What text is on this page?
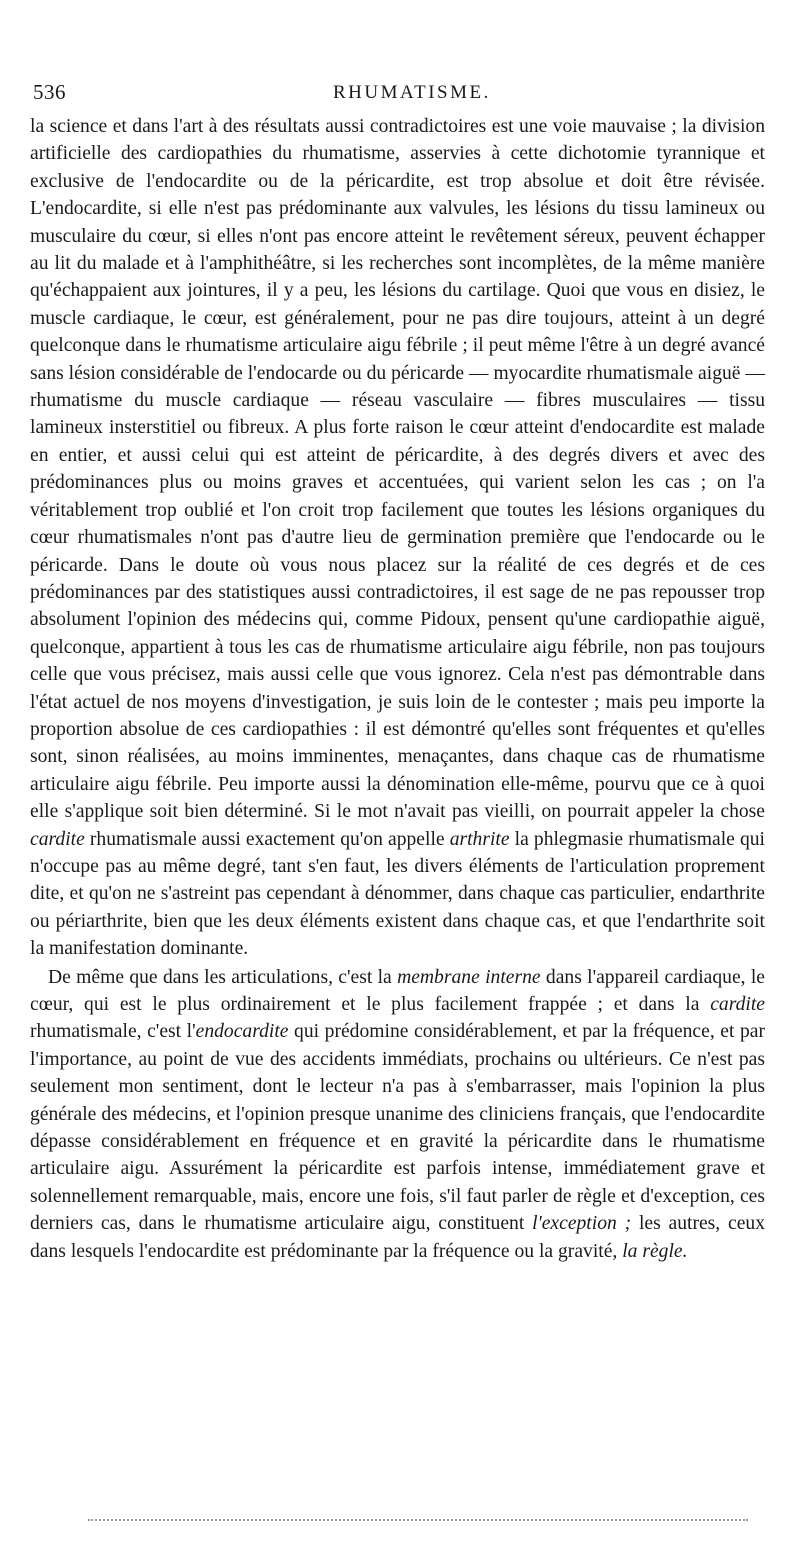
536	RHUMATISME.

la science et dans l'art à des résultats aussi contradictoires est une voie mauvaise ; la division artificielle des cardiopathies du rhumatisme, asservies à cette dichotomie tyrannique et exclusive de l'endocardite ou de la péricardite, est trop absolue et doit être révisée. L'endocardite, si elle n'est pas prédominante aux valvules, les lésions du tissu lamineux ou musculaire du cœur, si elles n'ont pas encore atteint le revêtement séreux, peuvent échapper au lit du malade et à l'amphithéâtre, si les recherches sont incomplètes, de la même manière qu'échappaient aux jointures, il y a peu, les lésions du cartilage. Quoi que vous en disiez, le muscle cardiaque, le cœur, est généralement, pour ne pas dire toujours, atteint à un degré quelconque dans le rhumatisme articulaire aigu fébrile ; il peut même l'être à un degré avancé sans lésion considérable de l'endocarde ou du péricarde — myocardite rhumatismale aiguë — rhumatisme du muscle cardiaque — réseau vasculaire — fibres musculaires — tissu lamineux insterstitiel ou fibreux. A plus forte raison le cœur atteint d'endocardite est malade en entier, et aussi celui qui est atteint de péricardite, à des degrés divers et avec des prédominances plus ou moins graves et accentuées, qui varient selon les cas ; on l'a véritablement trop oublié et l'on croit trop facilement que toutes les lésions organiques du cœur rhumatismales n'ont pas d'autre lieu de germination première que l'endocarde ou le péricarde. Dans le doute où vous nous placez sur la réalité de ces degrés et de ces prédominances par des statistiques aussi contradictoires, il est sage de ne pas repousser trop absolument l'opinion des médecins qui, comme Pidoux, pensent qu'une cardiopathie aiguë, quelconque, appartient à tous les cas de rhumatisme articulaire aigu fébrile, non pas toujours celle que vous précisez, mais aussi celle que vous ignorez. Cela n'est pas démontrable dans l'état actuel de nos moyens d'investigation, je suis loin de le contester ; mais peu importe la proportion absolue de ces cardiopathies : il est démontré qu'elles sont fréquentes et qu'elles sont, sinon réalisées, au moins imminentes, menaçantes, dans chaque cas de rhumatisme articulaire aigu fébrile. Peu importe aussi la dénomination elle-même, pourvu que ce à quoi elle s'applique soit bien déterminé. Si le mot n'avait pas vieilli, on pourrait appeler la chose cardite rhumatismale aussi exactement qu'on appelle arthrite la phlegmasie rhumatismale qui n'occupe pas au même degré, tant s'en faut, les divers éléments de l'articulation proprement dite, et qu'on ne s'astreint pas cependant à dénommer, dans chaque cas particulier, endarthrite ou périarthrite, bien que les deux éléments existent dans chaque cas, et que l'endarthrite soit la manifestation dominante.

De même que dans les articulations, c'est la membrane interne dans l'appareil cardiaque, le cœur, qui est le plus ordinairement et le plus facilement frappée ; et dans la cardite rhumatismale, c'est l'endocardite qui prédomine considérablement, et par la fréquence, et par l'importance, au point de vue des accidents immédiats, prochains ou ultérieurs. Ce n'est pas seulement mon sentiment, dont le lecteur n'a pas à s'embarrasser, mais l'opinion la plus générale des médecins, et l'opinion presque unanime des cliniciens français, que l'endocardite dépasse considérablement en fréquence et en gravité la péricardite dans le rhumatisme articulaire aigu. Assurément la péricardite est parfois intense, immédiatement grave et solennellement remarquable, mais, encore une fois, s'il faut parler de règle et d'exception, ces derniers cas, dans le rhumatisme articulaire aigu, constituent l'exception ; les autres, ceux dans lesquels l'endocardite est prédominante par la fréquence ou la gravité, la règle.
